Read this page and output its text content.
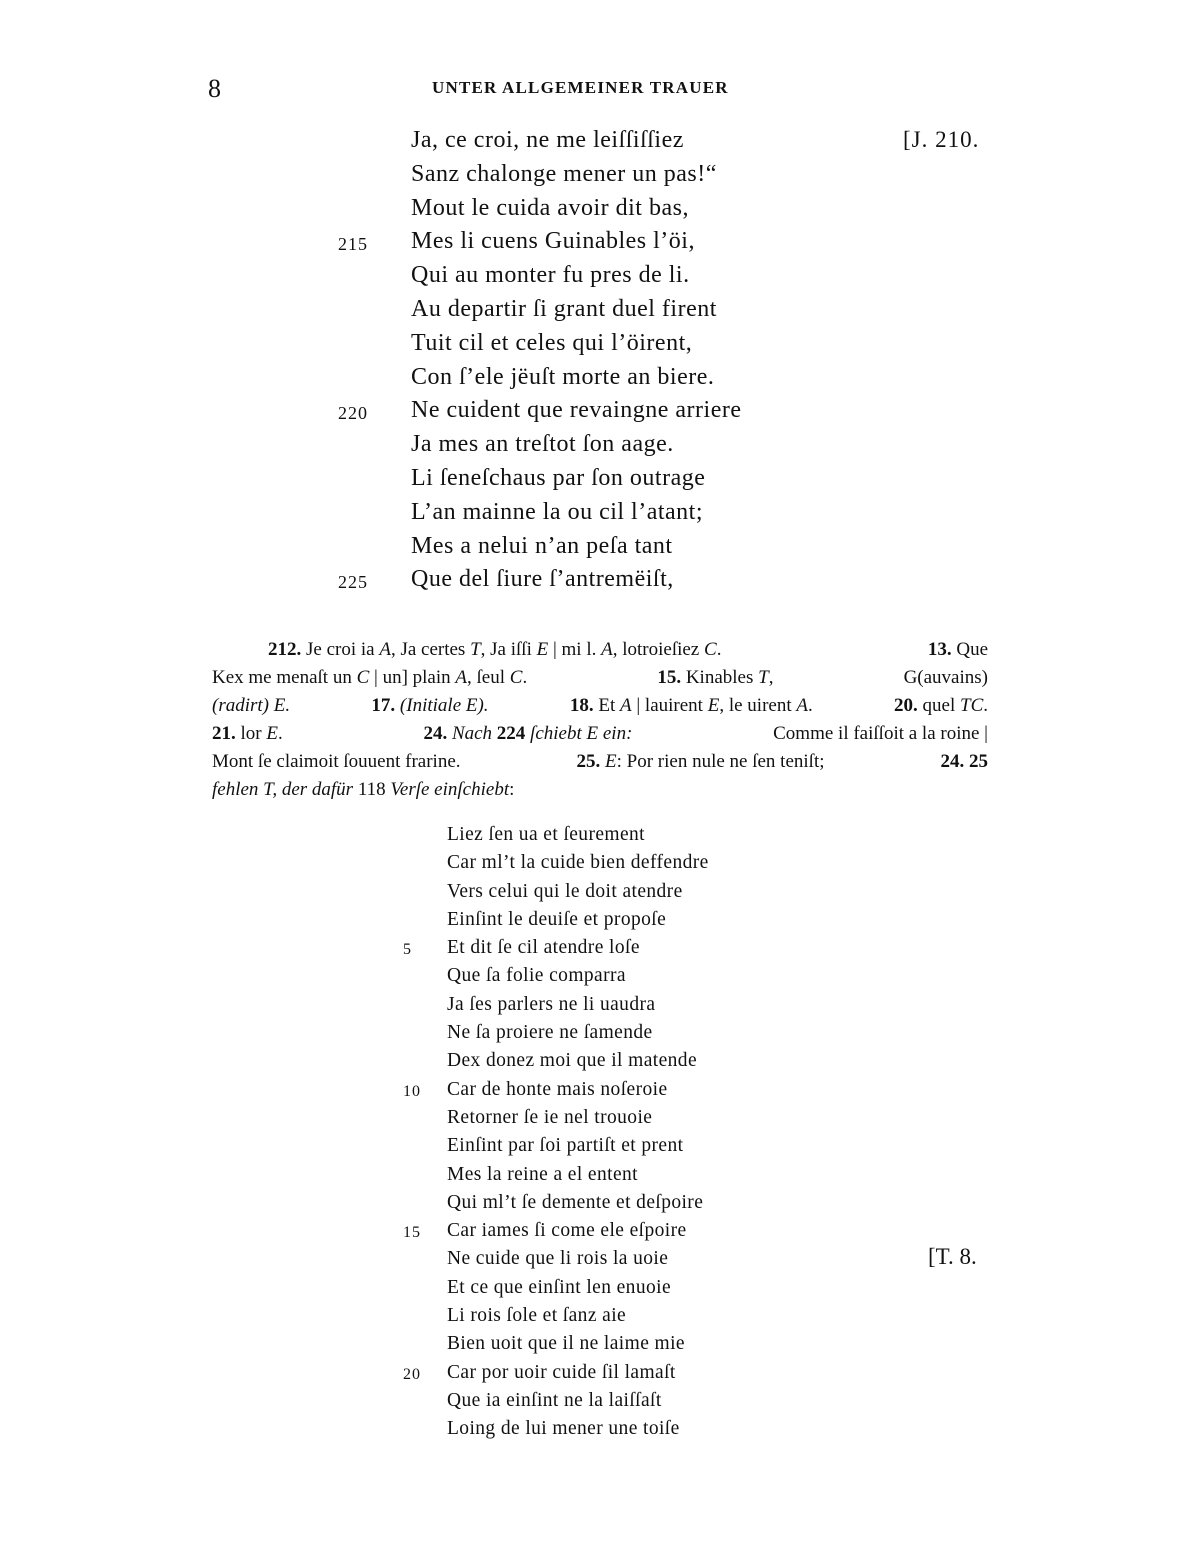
8	UNTER ALLGEMEINER TRAUER
Ja, ce croi, ne me leiſſiſſiez	[J. 210.
Sanz chalonge mener un pas!“
Mout le cuida avoir dit bas,
215 Mes li cuens Guinables l’öi,
Qui au monter fu pres de li.
Au departir ſi grant duel firent
Tuit cil et celes qui l’öirent,
Con ſ’ele jëuſt morte an biere.
220 Ne cuident que revaingne arriere
Ja mes an treſtot ſon aage.
Li ſeneſchaus par ſon outrage
L’an mainne la ou cil l’atant;
Mes a nelui n’an peſa tant
225 Que del ſiure ſ’antremëiſt,
212. Je croi ia A, Ja certes T, Ja iſſi E | mi l. A, lotroieſiez C.	13. Que
Kex me menaſt un C | un] plain A, ſeul C.	15. Kinables T,	G(auvains)
(radirt) E.	17. (Initiale E).	18. Et A | lauirent E, le uirent A.	20. quel TC.
21. lor E.	24. Nach 224 ſchiebt E ein:	Comme il faiſſoit a la roine |
Mont ſe claimoit ſouuent frarine.	25. E: Por rien nule ne ſen teniſt;	24. 25
fehlen T, der dafür 118 Verſe einſchiebt:
Liez ſen ua et ſeurement
Car ml’t la cuide bien deffendre
Vers celui qui le doit atendre
Einſint le deuiſe et propoſe
5 Et dit ſe cil atendre loſe
Que ſa folie comparra
Ja ſes parlers ne li uaudra
Ne ſa proiere ne ſamende
Dex donez moi que il matende
10 Car de honte mais noſeroie
Retorner ſe ie nel trouoie
Einſint par ſoi partiſt et prent
Mes la reine a el entent
Qui ml’t ſe demente et deſpoire
15 Car iames ſi come ele eſpoire
Ne cuide que li rois la uoie	[T. 8.
Et ce que einſint len enuoie
Li rois ſole et ſanz aie
Bien uoit que il ne laime mie
20 Car por uoir cuide ſil lamaſt
Que ia einſint ne la laiſſaſt
Loing de lui mener une toiſe
